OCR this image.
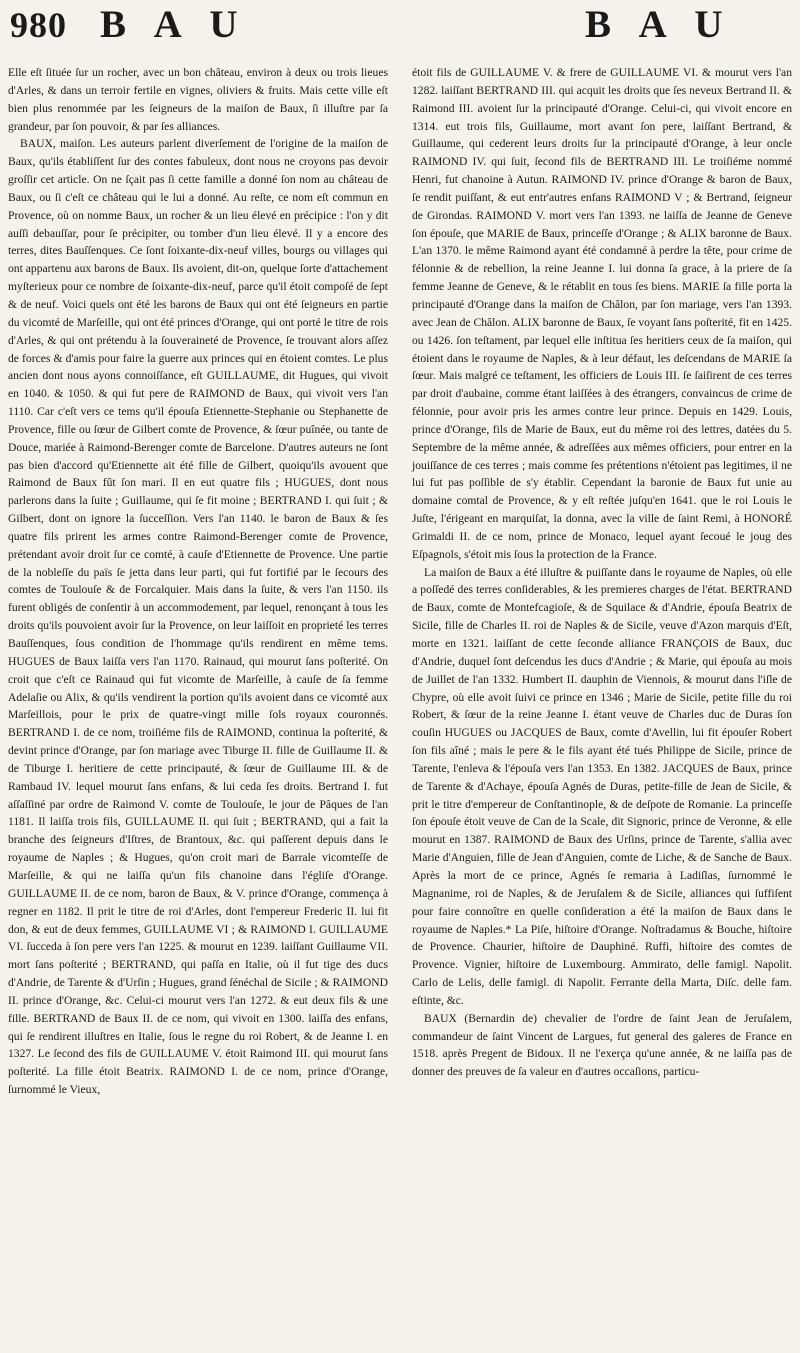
980 B A U	B A U

Elle eſt ſituée ſur un rocher, avec un bon château, environ à deux ou trois lieues d'Arles, & dans un terroir fertile en vignes, oliviers & fruits. Mais cette ville eſt bien plus renommée par les ſeigneurs de la maiſon de Baux, ſi illuſtre par ſa grandeur, par ſon pouvoir, & par ſes alliances.

BAUX, maiſon. Les auteurs parlent diverſement de l'origine de la maiſon de Baux, qu'ils établiſſent ſur des contes fabuleux, dont nous ne croyons pas devoir groſſir cet article. On ne ſçait pas ſi cette famille a donné ſon nom au château de Baux, ou ſi c'eſt ce château qui le lui a donné. Au reſte, ce nom eſt commun en Provence, où on nomme Baux, un rocher & un lieu élevé en précipice : l'on y dit auſſi debauſſar, pour ſe précipiter, ou tomber d'un lieu élevé. Il y a encore des terres, dites Bauſſenques. Ce ſont ſoixante-dix-neuf villes, bourgs ou villages qui ont appartenu aux barons de Baux. Ils avoient, dit-on, quelque ſorte d'attachement myſterieux pour ce nombre de ſoixante-dix-neuf, parce qu'il étoit compoſé de ſept & de neuf. Voici quels ont été les barons de Baux qui ont été ſeigneurs en partie du vicomté de Marſeille, qui ont été princes d'Orange, qui ont porté le titre de rois d'Arles, & qui ont prétendu à la ſouveraineté de Provence, ſe trouvant alors aſſez de forces & d'amis pour faire la guerre aux princes qui en étoient comtes. Le plus ancien dont nous ayons connoiſſance, eſt GUILLAUME, dit Hugues, qui vivoit en 1040. & 1050. & qui fut pere de RAIMOND de Baux, qui vivoit vers l'an 1110. Car c'eſt vers ce tems qu'il épouſa Etiennette-Stephanie ou Stephanette de Provence, fille ou ſœur de Gilbert comte de Provence, & ſœur puînée, ou tante de Douce, mariée à Raimond-Berenger comte de Barcelone. D'autres auteurs ne ſont pas bien d'accord qu'Etiennette ait été fille de Gilbert, quoiqu'ils avouent que Raimond de Baux fût ſon mari. Il en eut quatre fils ; HUGUES, dont nous parlerons dans la ſuite ; Guillaume, qui ſe fit moine ; BERTRAND I. qui ſuit ; & Gilbert, dont on ignore la ſucceſſion. Vers l'an 1140. le baron de Baux & ſes quatre fils prirent les armes contre Raimond-Berenger comte de Provence, prétendant avoir droit ſur ce comté, à cauſe d'Etiennette de Provence. Une partie de la nobleſſe du païs ſe jetta dans leur parti, qui fut fortifié par le ſecours des comtes de Toulouſe & de Forcalquier. Mais dans la ſuite, & vers l'an 1150. ils furent obligés de conſentir à un accommodement, par lequel, renonçant à tous les droits qu'ils pouvoient avoir ſur la Provence, on leur laiſſoit en proprieté les terres Bauſſenques, ſous condition de l'hommage qu'ils rendirent en même tems. HUGUES de Baux laiſſa vers l'an 1170. Rainaud, qui mourut ſans poſterité. On croit que c'eſt ce Rainaud qui fut vicomte de Marſeille, à cauſe de ſa femme Adelaſie ou Alix, & qu'ils vendirent la portion qu'ils avoient dans ce vicomté aux Marſeillois, pour le prix de quatre-vingt mille ſols royaux couronnés. BERTRAND I. de ce nom, troiſiéme fils de RAIMOND, continua la poſterité, & devint prince d'Orange, par ſon mariage avec Tiburge II. fille de Guillaume II. & de Tiburge I. heritiere de cette principauté, & ſœur de Guillaume III. & de Rambaud IV. lequel mourut ſans enfans, & lui ceda ſes droits. Bertrand I. fut aſſaſſiné par ordre de Raimond V. comte de Toulouſe, le jour de Pâques de l'an 1181. Il laiſſa trois fils, GUILLAUME II. qui ſuit ; BERTRAND, qui a fait la branche des ſeigneurs d'Iſtres, de Brantoux, &c. qui paſſerent depuis dans le royaume de Naples ; & Hugues, qu'on croit mari de Barrale vicomteſſe de Marſeille, & qui ne laiſſa qu'un fils chanoine dans l'égliſe d'Orange. GUILLAUME II. de ce nom, baron de Baux, & V. prince d'Orange, commença à regner en 1182. Il prit le titre de roi d'Arles, dont l'empereur Frederic II. lui fit don, & eut de deux femmes, GUILLAUME VI ; & RAIMOND I. GUILLAUME VI. ſucceda à ſon pere vers l'an 1225. & mourut en 1239. laiſſant Guillaume VII. mort ſans poſterité ; BERTRAND, qui paſſa en Italie, où il fut tige des ducs d'Andrie, de Tarente & d'Urſin ; Hugues, grand ſénéchal de Sicile ; & RAIMOND II. prince d'Orange, &c. Celui-ci mourut vers l'an 1272. & eut deux fils & une fille. BERTRAND de Baux II. de ce nom, qui vivoit en 1300. laiſſa des enfans, qui ſe rendirent illuſtres en Italie, ſous le regne du roi Robert, & de Jeanne I. en 1327. Le ſecond des fils de GUILLAUME V. étoit Raimond III. qui mourut ſans poſterité. La fille étoit Beatrix. RAIMOND I. de ce nom, prince d'Orange, ſurnommé le Vieux,

étoit fils de GUILLAUME V. & frere de GUILLAUME VI. & mourut vers l'an 1282. laiſſant BERTRAND III. qui acquit les droits que ſes neveux Bertrand II. & Raimond III. avoient ſur la principauté d'Orange. Celui-ci, qui vivoit encore en 1314. eut trois fils, Guillaume, mort avant ſon pere, laiſſant Bertrand, & Guillaume, qui cederent leurs droits ſur la principauté d'Orange, à leur oncle RAIMOND IV. qui ſuit, ſecond fils de BERTRAND III. Le troiſiéme nommé Henri, fut chanoine à Autun. RAIMOND IV. prince d'Orange & baron de Baux, ſe rendit puiſſant, & eut entr'autres enfans RAIMOND V ; & Bertrand, ſeigneur de Girondas. RAIMOND V. mort vers l'an 1393. ne laiſſa de Jeanne de Geneve ſon épouſe, que MARIE de Baux, princeſſe d'Orange ; & ALIX baronne de Baux. L'an 1370. le même Raimond ayant été condamné à perdre la tête, pour crime de félonnie & de rebellion, la reine Jeanne I. lui donna ſa grace, à la priere de ſa femme Jeanne de Geneve, & le rétablit en tous ſes biens. MARIE ſa fille porta la principauté d'Orange dans la maiſon de Châlon, par ſon mariage, vers l'an 1393. avec Jean de Châlon. ALIX baronne de Baux, ſe voyant ſans poſterité, fit en 1425. ou 1426. ſon teſtament, par lequel elle inſtitua ſes heritiers ceux de ſa maiſon, qui étoient dans le royaume de Naples, & à leur défaut, les deſcendans de MARIE ſa ſœur. Mais malgré ce teſtament, les officiers de Louis III. ſe ſaiſirent de ces terres par droit d'aubaine, comme étant laiſſées à des étrangers, convaincus de crime de félonnie, pour avoir pris les armes contre leur prince. Depuis en 1429. Louis, prince d'Orange, fils de Marie de Baux, eut du même roi des lettres, datées du 5. Septembre de la même année, & adreſſées aux mêmes officiers, pour entrer en la jouiſſance de ces terres ; mais comme ſes prétentions n'étoient pas legitimes, il ne lui fut pas poſſible de s'y établir. Cependant la baronie de Baux fut unie au domaine comtal de Provence, & y eſt reſtée juſqu'en 1641. que le roi Louis le Juſte, l'érigeant en marquiſat, la donna, avec la ville de ſaint Remi, à HONORÉ Grimaldi II. de ce nom, prince de Monaco, lequel ayant ſecoué le joug des Eſpagnols, s'étoit mis ſous la protection de la France.

La maiſon de Baux a été illuſtre & puiſſante dans le royaume de Naples, où elle a poſſedé des terres conſiderables, & les premieres charges de l'état. BERTRAND de Baux, comte de Montefcagioſe, & de Squilace & d'Andrie, épouſa Beatrix de Sicile, fille de Charles II. roi de Naples & de Sicile, veuve d'Azon marquis d'Eſt, morte en 1321. laiſſant de cette ſeconde alliance FRANÇOIS de Baux, duc d'Andrie, duquel ſont deſcendus les ducs d'Andrie ; & Marie, qui épouſa au mois de Juillet de l'an 1332. Humbert II. dauphin de Viennois, & mourut dans l'iſle de Chypre, où elle avoit ſuivi ce prince en 1346 ; Marie de Sicile, petite fille du roi Robert, & ſœur de la reine Jeanne I. étant veuve de Charles duc de Duras ſon couſin HUGUES ou JACQUES de Baux, comte d'Avellin, lui fit épouſer Robert ſon fils aîné ; mais le pere & le fils ayant été tués Philippe de Sicile, prince de Tarente, l'enleva & l'épouſa vers l'an 1353. En 1382. JACQUES de Baux, prince de Tarente & d'Achaye, épouſa Agnés de Duras, petite-fille de Jean de Sicile, & prit le titre d'empereur de Conſtantinople, & de deſpote de Romanie. La princeſſe ſon épouſe étoit veuve de Can de la Scale, dit Signoric, prince de Veronne, & elle mourut en 1387. RAIMOND de Baux des Urſins, prince de Tarente, s'allia avec Marie d'Anguien, fille de Jean d'Anguien, comte de Liche, & de Sanche de Baux. Après la mort de ce prince, Agnés ſe remaria à Ladiſlas, ſurnommé le Magnanime, roi de Naples, & de Jeruſalem & de Sicile, alliances qui ſuffiſent pour faire connoître en quelle conſideration a été la maiſon de Baux dans le royaume de Naples.* La Piſe, hiſtoire d'Orange. Noſtradamus & Bouche, hiſtoire de Provence. Chaurier, hiſtoire de Dauphiné. Ruffi, hiſtoire des comtes de Provence. Vignier, hiſtoire de Luxembourg. Ammirato, delle famigl. Napolit. Carlo de Lelis, delle famigl. di Napolit. Ferrante della Marta, Diſc. delle fam. eſtinte, &c.

BAUX (Bernardin de) chevalier de l'ordre de ſaint Jean de Jeruſalem, commandeur de ſaint Vincent de Largues, fut general des galeres de France en 1518. après Pregent de Bidoux. Il ne l'exerça qu'une année, & ne laiſſa pas de donner des preuves de ſa valeur en d'autres occaſions, particu-
